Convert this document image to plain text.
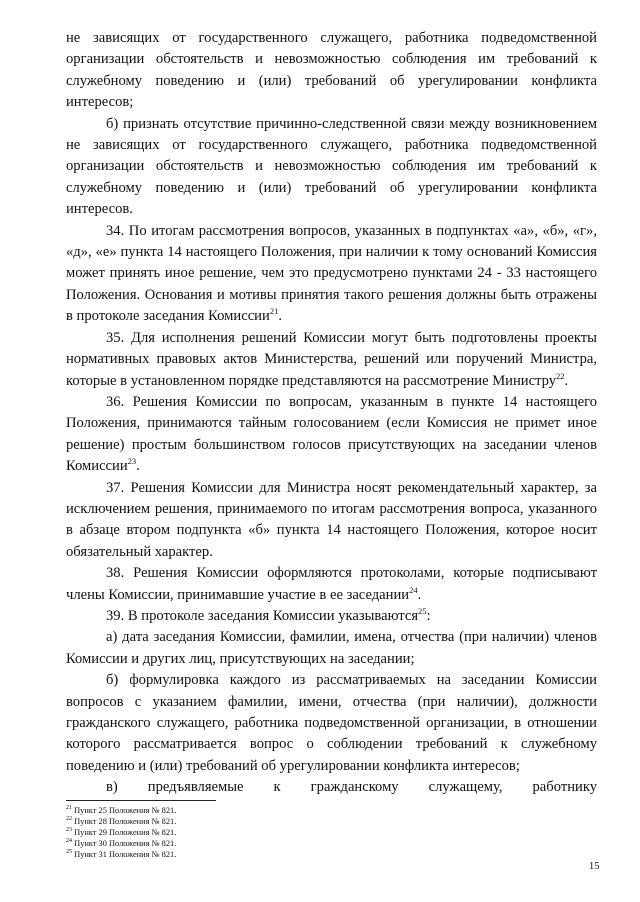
не зависящих от государственного служащего, работника подведомственной организации обстоятельств и невозможностью соблюдения им требований к служебному поведению и (или) требований об урегулировании конфликта интересов;

б) признать отсутствие причинно-следственной связи между возникновением не зависящих от государственного служащего, работника подведомственной организации обстоятельств и невозможностью соблюдения им требований к служебному поведению и (или) требований об урегулировании конфликта интересов.

34. По итогам рассмотрения вопросов, указанных в подпунктах «а», «б», «г», «д», «е» пункта 14 настоящего Положения, при наличии к тому оснований Комиссия может принять иное решение, чем это предусмотрено пунктами 24 - 33 настоящего Положения. Основания и мотивы принятия такого решения должны быть отражены в протоколе заседания Комиссии$^{21}$.

35. Для исполнения решений Комиссии могут быть подготовлены проекты нормативных правовых актов Министерства, решений или поручений Министра, которые в установленном порядке представляются на рассмотрение Министру$^{22}$.

36. Решения Комиссии по вопросам, указанным в пункте 14 настоящего Положения, принимаются тайным голосованием (если Комиссия не примет иное решение) простым большинством голосов присутствующих на заседании членов Комиссии$^{23}$.

37. Решения Комиссии для Министра носят рекомендательный характер, за исключением решения, принимаемого по итогам рассмотрения вопроса, указанного в абзаце втором подпункта «б» пункта 14 настоящего Положения, которое носит обязательный характер.

38. Решения Комиссии оформляются протоколами, которые подписывают члены Комиссии, принимавшие участие в ее заседании$^{24}$.

39. В протоколе заседания Комиссии указываются$^{25}$:

а) дата заседания Комиссии, фамилии, имена, отчества (при наличии) членов Комиссии и других лиц, присутствующих на заседании;

б) формулировка каждого из рассматриваемых на заседании Комиссии вопросов с указанием фамилии, имени, отчества (при наличии), должности гражданского служащего, работника подведомственной организации, в отношении которого рассматривается вопрос о соблюдении требований к служебному поведению и (или) требований об урегулировании конфликта интересов;

в) предъявляемые к гражданскому служащему, работнику

$^{21}$ Пункт 25 Положения № 821.

$^{22}$ Пункт 28 Положения № 821.

$^{23}$ Пункт 29 Положения № 821.

$^{24}$ Пункт 30 Положения № 821.

$^{25}$ Пункт 31 Положения № 821.

15
